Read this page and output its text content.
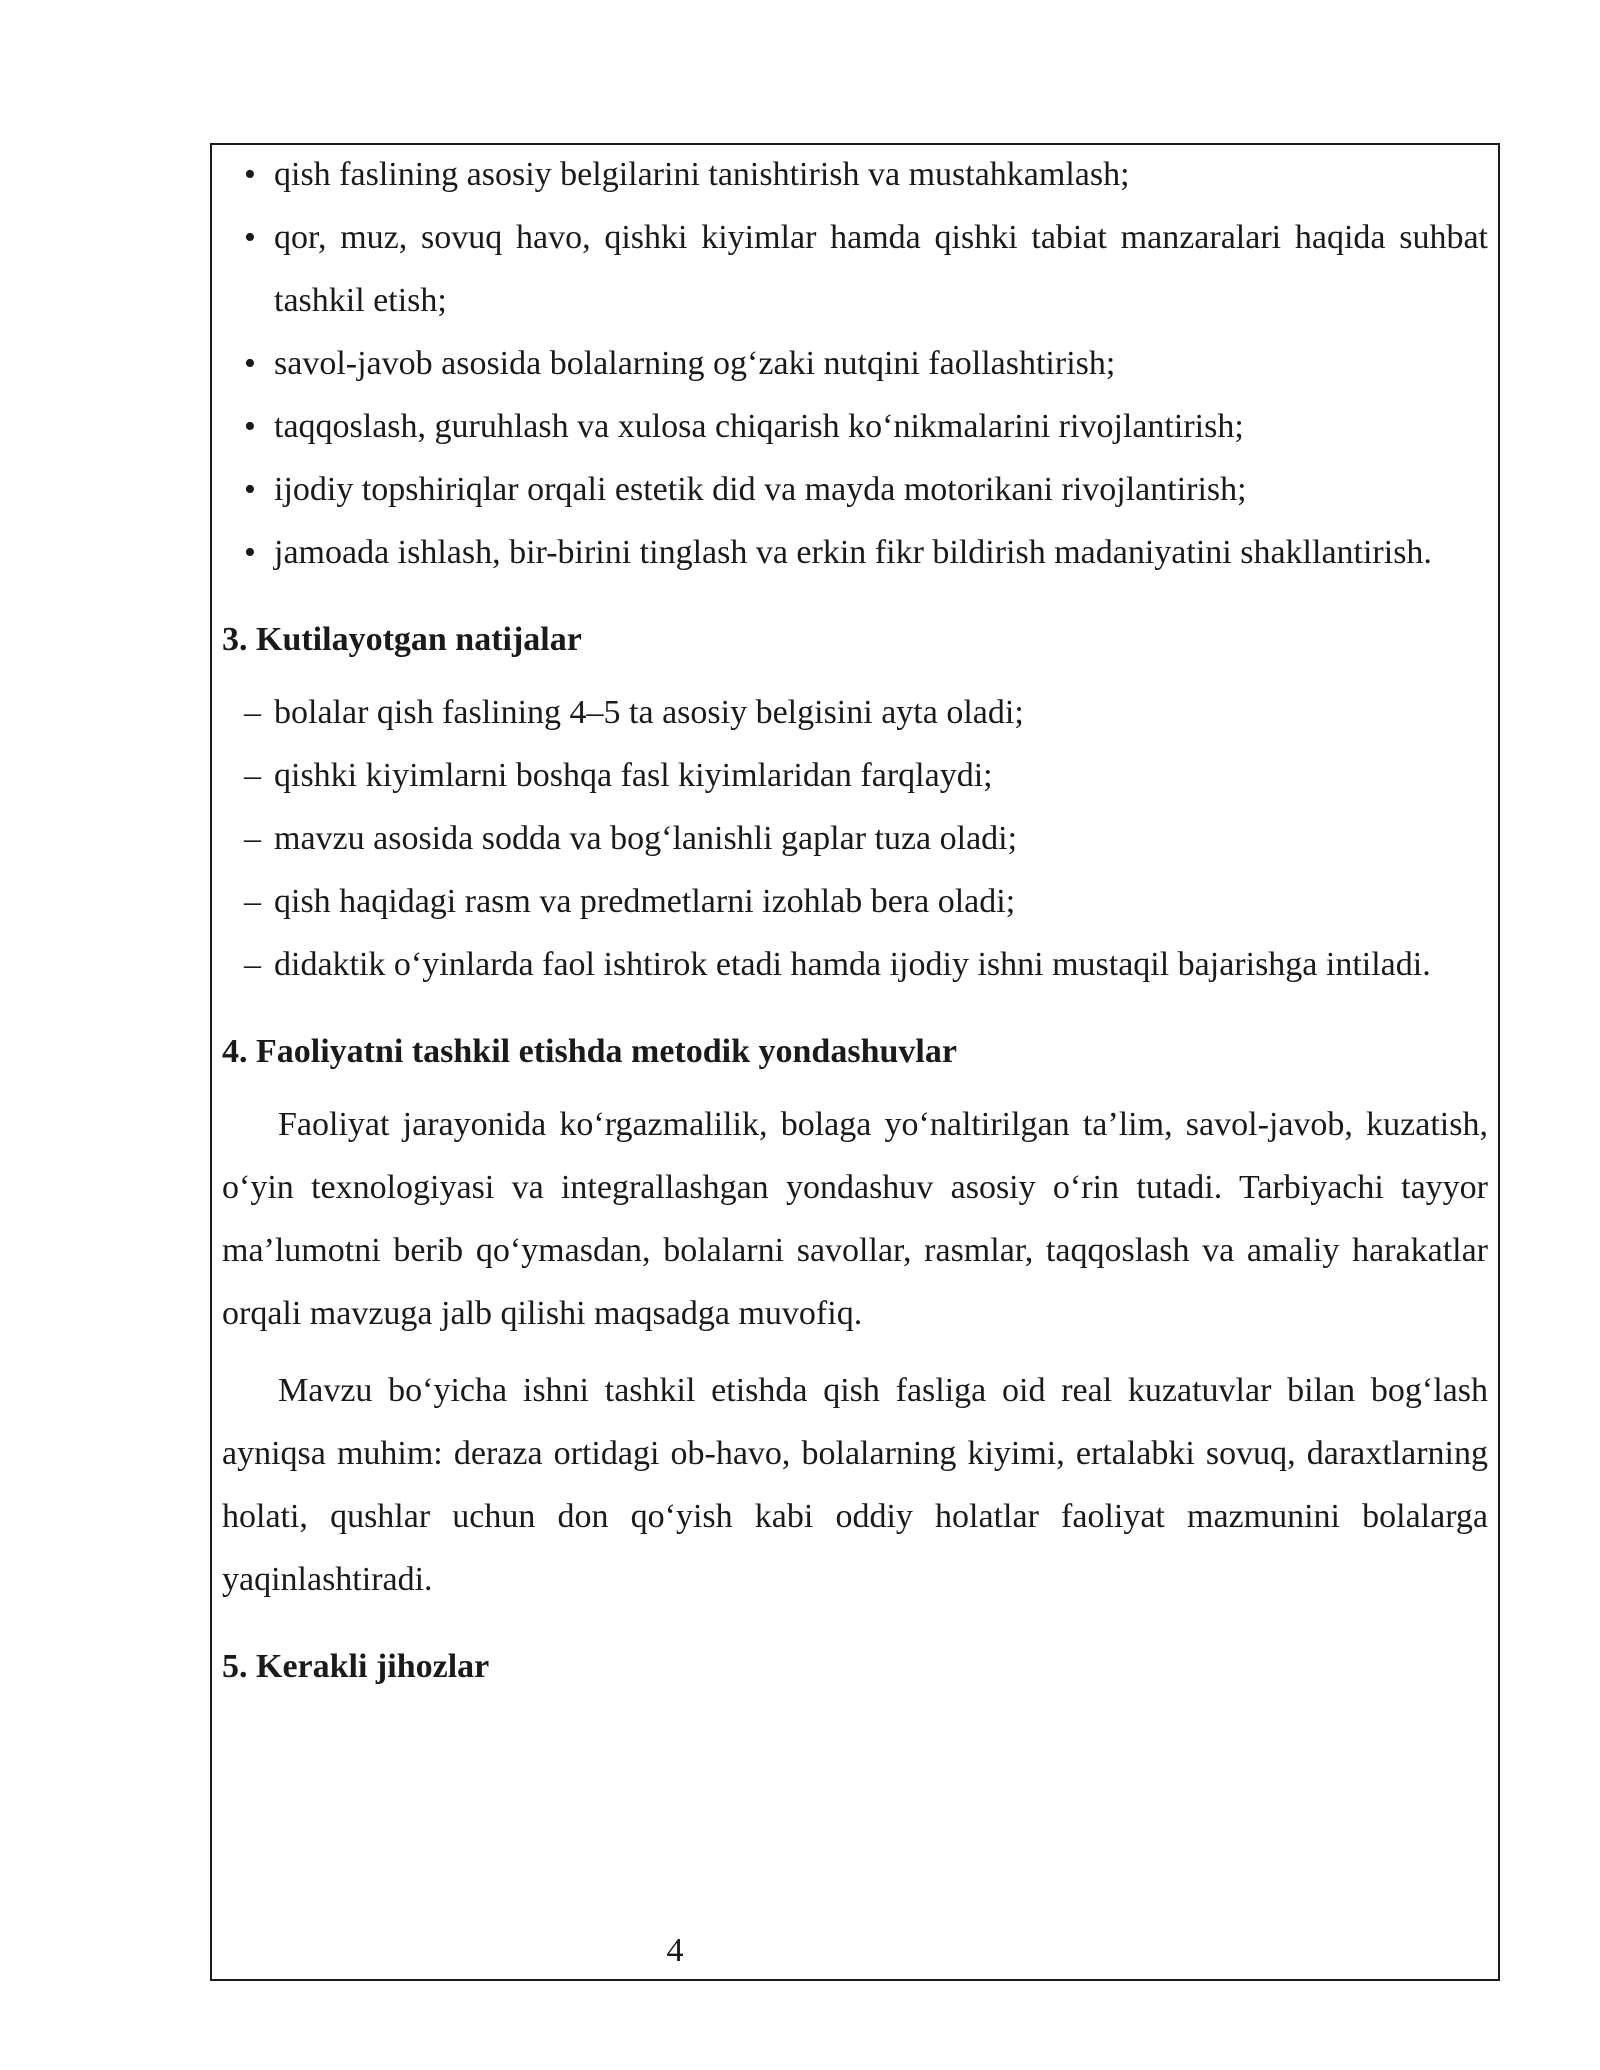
• qish faslining asosiy belgilarini tanishtirish va mustahkamlash;
• qor, muz, sovuq havo, qishki kiyimlar hamda qishki tabiat manzaralari haqida suhbat tashkil etish;
• savol-javob asosida bolalarning og‘zaki nutqini faollashtirish;
• taqqoslash, guruhlash va xulosa chiqarish ko‘nikmalarini rivojlantirish;
• ijodiy topshiriqlar orqali estetik did va mayda motorikani rivojlantirish;
• jamoada ishlash, bir-birini tinglash va erkin fikr bildirish madaniyatini shakllantirish.
3. Kutilayotgan natijalar
– bolalar qish faslining 4–5 ta asosiy belgisini ayta oladi;
– qishki kiyimlarni boshqa fasl kiyimlaridan farqlaydi;
– mavzu asosida sodda va bog‘lanishli gaplar tuza oladi;
– qish haqidagi rasm va predmetlarni izohlab bera oladi;
– didaktik o‘yinlarda faol ishtirok etadi hamda ijodiy ishni mustaqil bajarishga intiladi.
4. Faoliyatni tashkil etishda metodik yondashuvlar

Faoliyat jarayonida ko‘rgazmalilik, bolaga yo‘naltirilgan ta’lim, savol-javob, kuzatish, o‘yin texnologiyasi va integrallashgan yondashuv asosiy o‘rin tutadi. Tarbiyachi tayyor ma’lumotni berib qo‘ymasdan, bolalarni savollar, rasmlar, taqqoslash va amaliy harakatlar orqali mavzuga jalb qilishi maqsadga muvofiq.

Mavzu bo‘yicha ishni tashkil etishda qish fasliga oid real kuzatuvlar bilan bog‘lash ayniqsa muhim: deraza ortidagi ob-havo, bolalarning kiyimi, ertalabki sovuq, daraxtlarning holati, qushlar uchun don qo‘yish kabi oddiy holatlar faoliyat mazmunini bolalarga yaqinlashtiradi.

5. Kerakli jihozlar
4
